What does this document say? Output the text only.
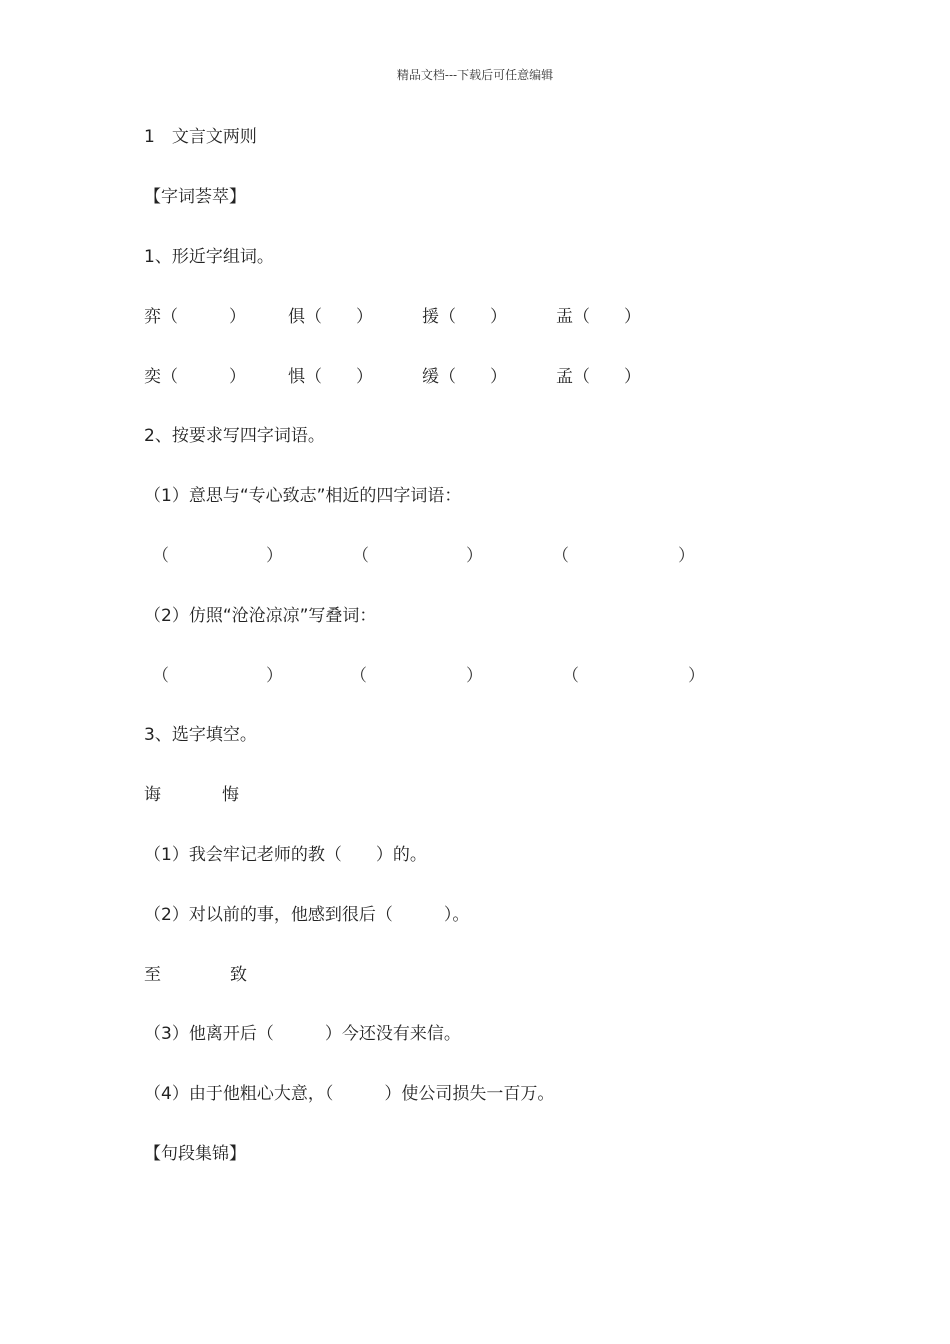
精品文档---下载后可任意编辑
1　文言文两则
【字词荟萃】
1、形近字组词。
弈（　　　） 俱（　　）	援（　　）	盂（　　）
奕（　　　） 惧（　　）	缓（　　）	孟（　　）
2、按要求写四字词语。
（1）意思与“专心致志”相近的四字词语：
（	）	（	）	（	）
（2）仿照“沧沧凉凉”写叠词：
（	）	（	）	（	）
3、选字填空。
诲	悔
（1）我会牢记老师的教（　　）的。
（2）对以前的事，他感到很后（　　　）。
至	致
（3）他离开后（　　　）今还没有来信。
（4）由于他粗心大意，（　　　）使公司损失一百万。
【句段集锦】
